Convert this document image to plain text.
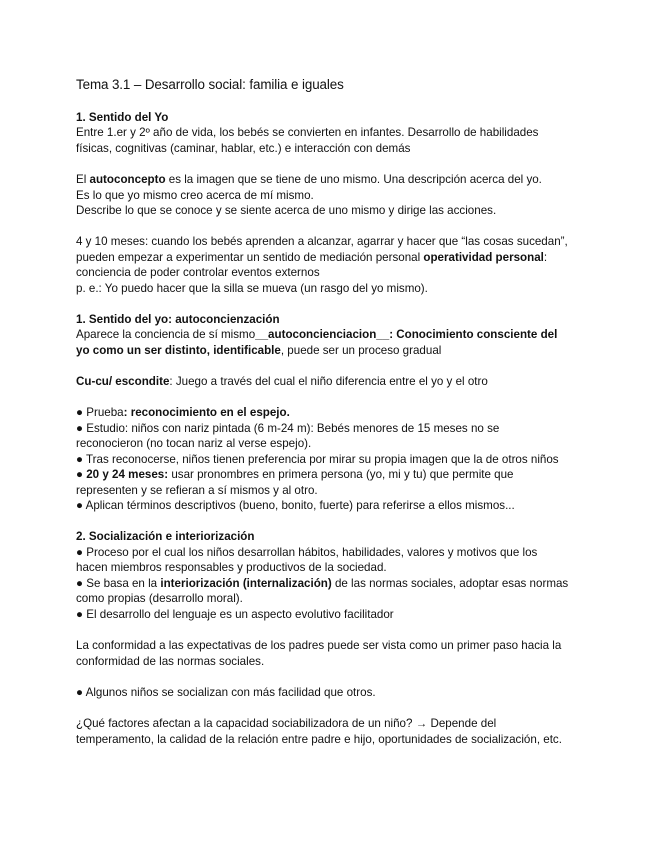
Tema 3.1 – Desarrollo social: familia e iguales
1. Sentido del Yo
Entre 1.er y 2º año de vida, los bebés se convierten en infantes. Desarrollo de habilidades
físicas, cognitivas (caminar, hablar, etc.) e interacción con demás
El autoconcepto es la imagen que se tiene de uno mismo. Una descripción acerca del yo.
Es lo que yo mismo creo acerca de mí mismo.
Describe lo que se conoce y se siente acerca de uno mismo y dirige las acciones.
4 y 10 meses: cuando los bebés aprenden a alcanzar, agarrar y hacer que “las cosas sucedan”,
pueden empezar a experimentar un sentido de mediación personal operatividad personal:
conciencia de poder controlar eventos externos
p. e.: Yo puedo hacer que la silla se mueva (un rasgo del yo mismo).
1. Sentido del yo: autoconcienzación
Aparece la conciencia de sí mismo__autoconcienciacion__: Conocimiento consciente del
yo como un ser distinto, identificable, puede ser un proceso gradual
Cu-cu/ escondite: Juego a través del cual el niño diferencia entre el yo y el otro
● Prueba: reconocimiento en el espejo.
● Estudio: niños con nariz pintada (6 m-24 m): Bebés menores de 15 meses no se
reconocieron (no tocan nariz al verse espejo).
● Tras reconocerse, niños tienen preferencia por mirar su propia imagen que la de otros niños
● 20 y 24 meses: usar pronombres en primera persona (yo, mi y tu) que permite que
representen y se refieran a sí mismos y al otro.
● Aplican términos descriptivos (bueno, bonito, fuerte) para referirse a ellos mismos...
2. Socialización e interiorización
● Proceso por el cual los niños desarrollan hábitos, habilidades, valores y motivos que los
hacen miembros responsables y productivos de la sociedad.
● Se basa en la interiorización (internalización) de las normas sociales, adoptar esas normas
como propias (desarrollo moral).
● El desarrollo del lenguaje es un aspecto evolutivo facilitador
La conformidad a las expectativas de los padres puede ser vista como un primer paso hacia la
conformidad de las normas sociales.
● Algunos niños se socializan con más facilidad que otros.
¿Qué factores afectan a la capacidad sociabilizadora de un niño? → Depende del
temperamento, la calidad de la relación entre padre e hijo, oportunidades de socialización, etc.
